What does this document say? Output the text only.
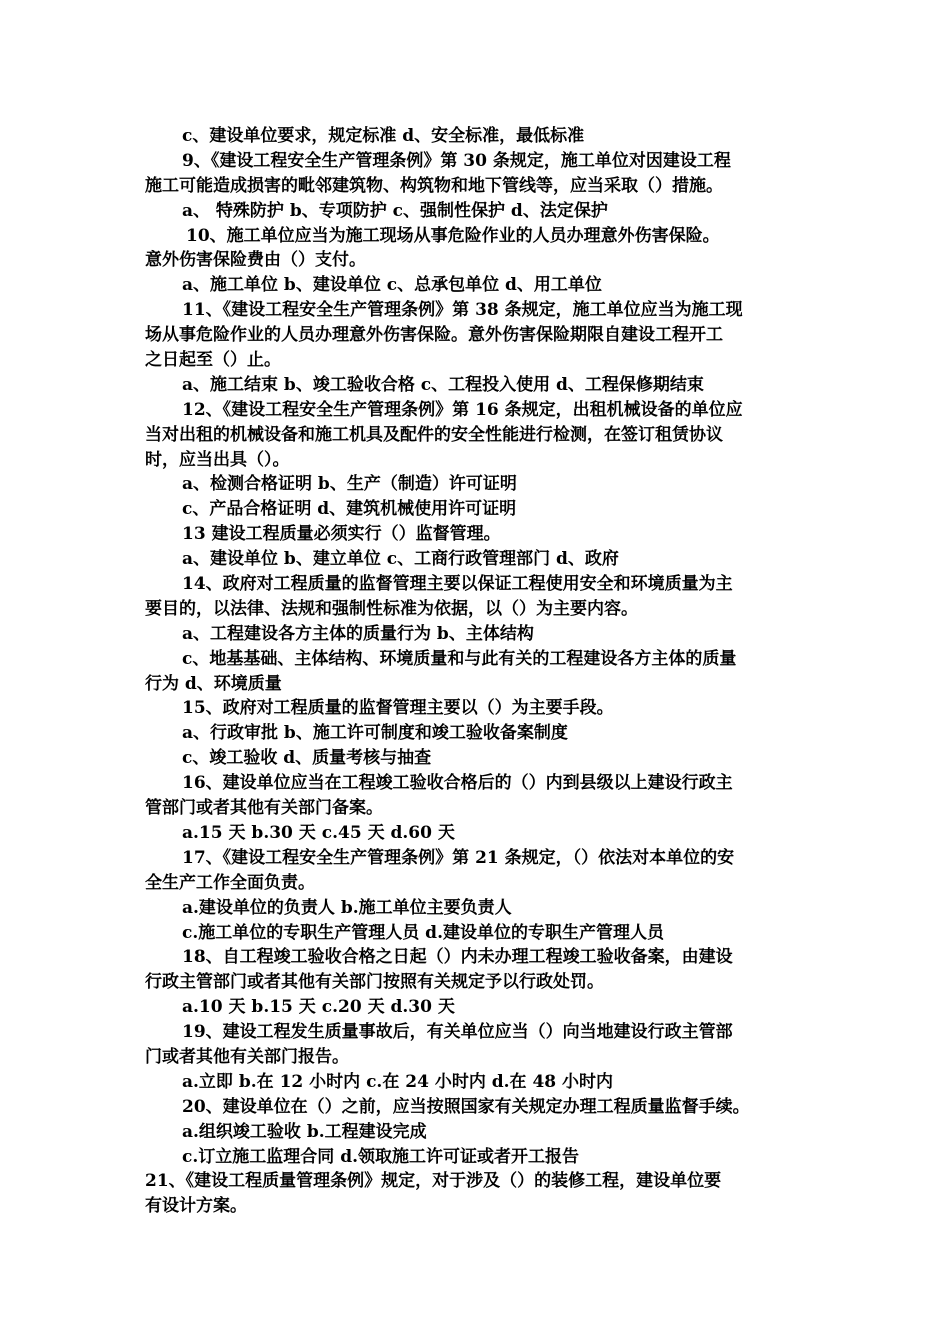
c、建设单位要求，规定标准 d、安全标准，最低标准
9、《建设工程安全生产管理条例》第 30 条规定，施工单位对因建设工程
施工可能造成损害的毗邻建筑物、构筑物和地下管线等，应当采取（）措施。
a、 特殊防护 b、专项防护 c、强制性保护 d、法定保护
10、施工单位应当为施工现场从事危险作业的人员办理意外伤害保险。
意外伤害保险费由（）支付。
a、施工单位 b、建设单位 c、总承包单位 d、用工单位
11、《建设工程安全生产管理条例》第 38 条规定，施工单位应当为施工现
场从事危险作业的人员办理意外伤害保险。意外伤害保险期限自建设工程开工
之日起至（）止。
a、施工结束 b、竣工验收合格 c、工程投入使用 d、工程保修期结束
12、《建设工程安全生产管理条例》第 16 条规定，出租机械设备的单位应
当对出租的机械设备和施工机具及配件的安全性能进行检测，在签订租赁协议
时，应当出具（）。
a、检测合格证明 b、生产（制造）许可证明
c、产品合格证明 d、建筑机械使用许可证明
13 建设工程质量必须实行（）监督管理。
a、建设单位 b、建立单位 c、工商行政管理部门 d、政府
14、政府对工程质量的监督管理主要以保证工程使用安全和环境质量为主
要目的，以法律、法规和强制性标准为依据，以（）为主要内容。
a、工程建设各方主体的质量行为 b、主体结构
c、地基基础、主体结构、环境质量和与此有关的工程建设各方主体的质量
行为 d、环境质量
15、政府对工程质量的监督管理主要以（）为主要手段。
a、行政审批 b、施工许可制度和竣工验收备案制度
c、竣工验收 d、质量考核与抽查
16、建设单位应当在工程竣工验收合格后的（）内到县级以上建设行政主
管部门或者其他有关部门备案。
a.15 天 b.30 天 c.45 天 d.60 天
17、《建设工程安全生产管理条例》第 21 条规定，（）依法对本单位的安
全生产工作全面负责。
a.建设单位的负责人 b.施工单位主要负责人
c.施工单位的专职生产管理人员 d.建设单位的专职生产管理人员
18、自工程竣工验收合格之日起（）内未办理工程竣工验收备案，由建设
行政主管部门或者其他有关部门按照有关规定予以行政处罚。
a.10 天 b.15 天 c.20 天 d.30 天
19、建设工程发生质量事故后，有关单位应当（）向当地建设行政主管部
门或者其他有关部门报告。
a.立即 b.在 12 小时内 c.在 24 小时内 d.在 48 小时内
20、建设单位在（）之前，应当按照国家有关规定办理工程质量监督手续。
a.组织竣工验收 b.工程建设完成
c.订立施工监理合同 d.领取施工许可证或者开工报告
21、《建设工程质量管理条例》规定，对于涉及（）的装修工程，建设单位要
有设计方案。
